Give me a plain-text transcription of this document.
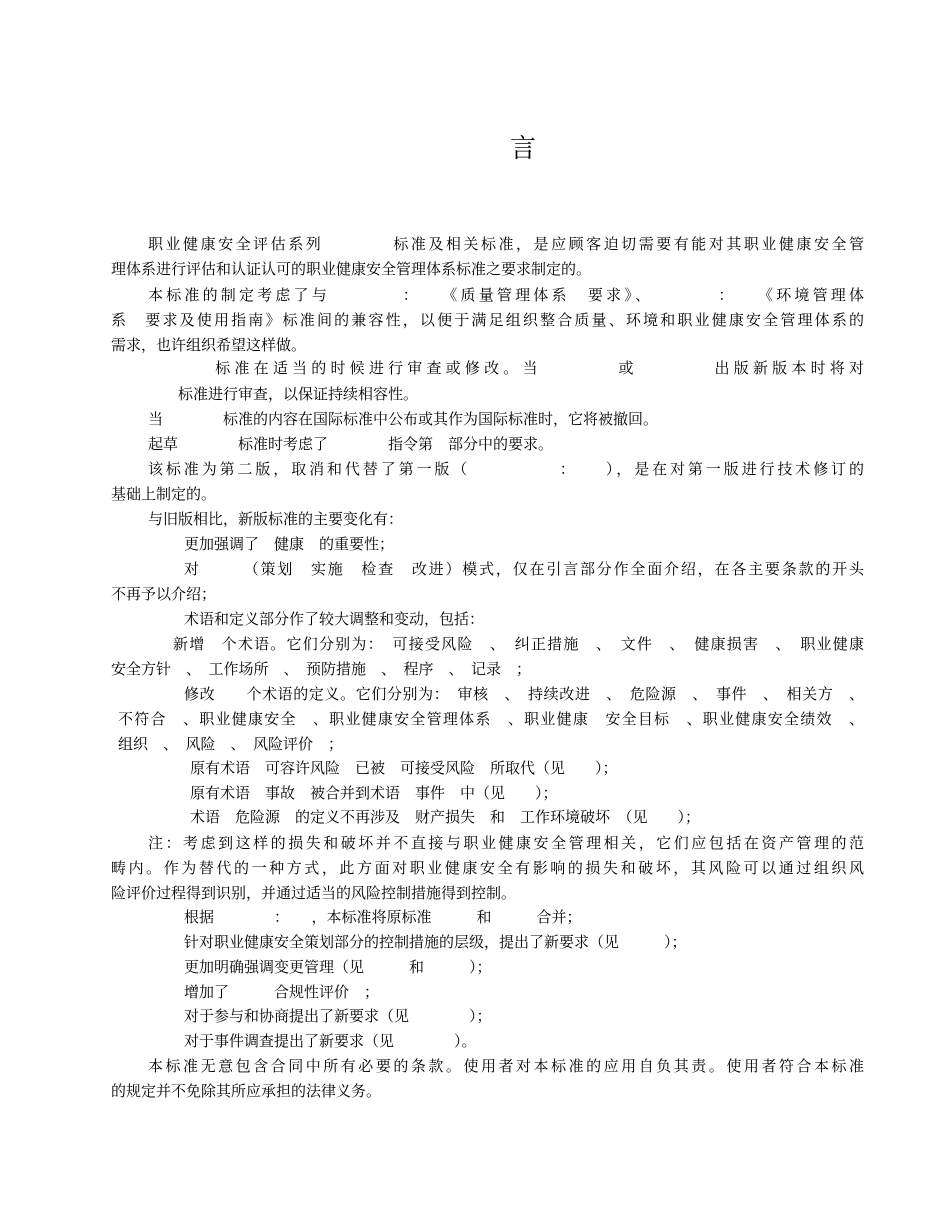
言
职业健康安全评估系列　　　　标准及相关标准，是应顾客迫切需要有能对其职业健康安全管
理体系进行评估和认证认可的职业健康安全管理体系标准之要求制定的。
本标准的制定考虑了与　　　　：　　《质量管理体系　要求》、　　　　：　　《环境管理体
系　要求及使用指南》标准间的兼容性，以便于满足组织整合质量、环境和职业健康安全管理体系的
需求，也许组织希望这样做。
　标准在适当的时候进行审查或修改。当　　　　或　　　　出版新版本时将对
标准进行审查，以保证持续相容性。
当　　　　标准的内容在国际标准中公布或其作为国际标准时，它将被撤回。
起草　　　　标准时考虑了　　　　指令第　部分中的要求。
该标准为第二版，取消和代替了第一版（　　　　　：　　），是在对第一版进行技术修订的
基础上制定的。
与旧版相比，新版标准的主要变化有：
更加强调了　健康　的重要性；
对　　　（策划　实施　检查　改进）模式，仅在引言部分作全面介绍，在各主要条款的开头
不再予以介绍；
术语和定义部分作了较大调整和变动，包括：
新增　个术语。它们分别为：　可接受风险　、　纠正措施　、　文件　、　健康损害　、　职业健康
安全方针　、　工作场所　、　预防措施　、　程序　、　记录　；
修改　　个术语的定义。它们分别为：　审核　、　持续改进　、　危险源　、　事件　、　相关方　、
不符合　、职业健康安全　、职业健康安全管理体系　、职业健康　安全目标　、职业健康安全绩效　、
组织　、　风险　、　风险评价　；
原有术语　可容许风险　已被　可接受风险　所取代（见　　）；
原有术语　事故　被合并到术语　事件　中（见　　）；
术语　危险源　的定义不再涉及　财产损失　和　工作环境破坏　（见　　）；
注：考虑到这样的损失和破坏并不直接与职业健康安全管理相关，它们应包括在资产管理的范
畴内。作为替代的一种方式，此方面对职业健康安全有影响的损失和破坏，其风险可以通过组织风
险评价过程得到识别，并通过适当的风险控制措施得到控制。
根据　　　　：　　，本标准将原标准　　　和　　　合并；
针对职业健康安全策划部分的控制措施的层级，提出了新要求（见　　　）；
更加明确强调变更管理（见　　　和　　　）；
增加了　　　合规性评价　；
对于参与和协商提出了新要求（见　　　　）；
对于事件调查提出了新要求（见　　　　）。
本标准无意包含合同中所有必要的条款。使用者对本标准的应用自负其责。使用者符合本标准
的规定并不免除其所应承担的法律义务。
